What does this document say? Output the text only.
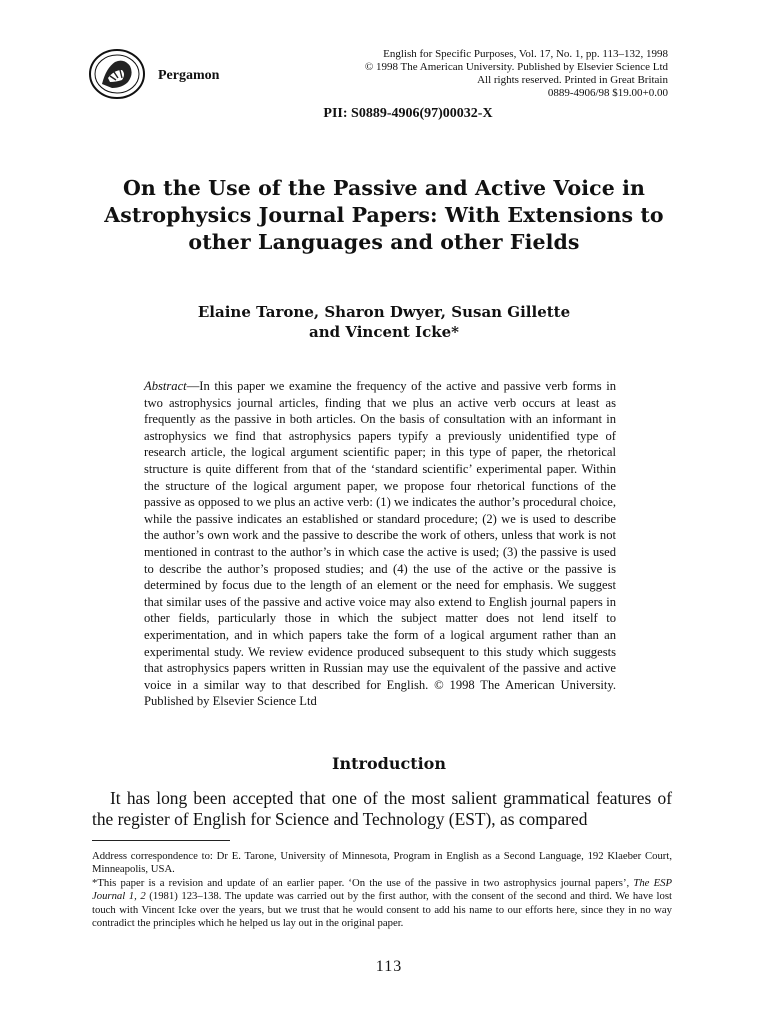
Pergamon
English for Specific Purposes, Vol. 17, No. 1, pp. 113–132, 1998
© 1998 The American University. Published by Elsevier Science Ltd
All rights reserved. Printed in Great Britain
0889-4906/98 $19.00+0.00
PII: S0889-4906(97)00032-X
On the Use of the Passive and Active Voice in Astrophysics Journal Papers: With Extensions to other Languages and other Fields
Elaine Tarone, Sharon Dwyer, Susan Gillette
and Vincent Icke*
Abstract—In this paper we examine the frequency of the active and passive verb forms in two astrophysics journal articles, finding that we plus an active verb occurs at least as frequently as the passive in both articles. On the basis of consultation with an informant in astrophysics we find that astrophysics papers typify a previously unidentified type of research article, the logical argument scientific paper; in this type of paper, the rhetorical structure is quite different from that of the ‘standard scientific’ experimental paper. Within the structure of the logical argument paper, we propose four rhetorical functions of the passive as opposed to we plus an active verb: (1) we indicates the author’s procedural choice, while the passive indicates an established or standard procedure; (2) we is used to describe the author’s own work and the passive to describe the work of others, unless that work is not mentioned in contrast to the author’s in which case the active is used; (3) the passive is used to describe the author’s proposed studies; and (4) the use of the active or the passive is determined by focus due to the length of an element or the need for emphasis. We suggest that similar uses of the passive and active voice may also extend to English journal papers in other fields, particularly those in which the subject matter does not lend itself to experimentation, and in which papers take the form of a logical argument rather than an experimental study. We review evidence produced subsequent to this study which suggests that astrophysics papers written in Russian may use the equivalent of the passive and active voice in a similar way to that described for English. © 1998 The American University. Published by Elsevier Science Ltd
Introduction
It has long been accepted that one of the most salient grammatical features of the register of English for Science and Technology (EST), as compared

Address correspondence to: Dr E. Tarone, University of Minnesota, Program in English as a Second Language, 192 Klaeber Court, Minneapolis, USA.

*This paper is a revision and update of an earlier paper. ‘On the use of the passive in two astrophysics journal papers’, The ESP Journal 1, 2 (1981) 123–138. The update was carried out by the first author, with the consent of the second and third. We have lost touch with Vincent Icke over the years, but we trust that he would consent to add his name to our efforts here, since they in no way contradict the principles which he helped us lay out in the original paper.

113
